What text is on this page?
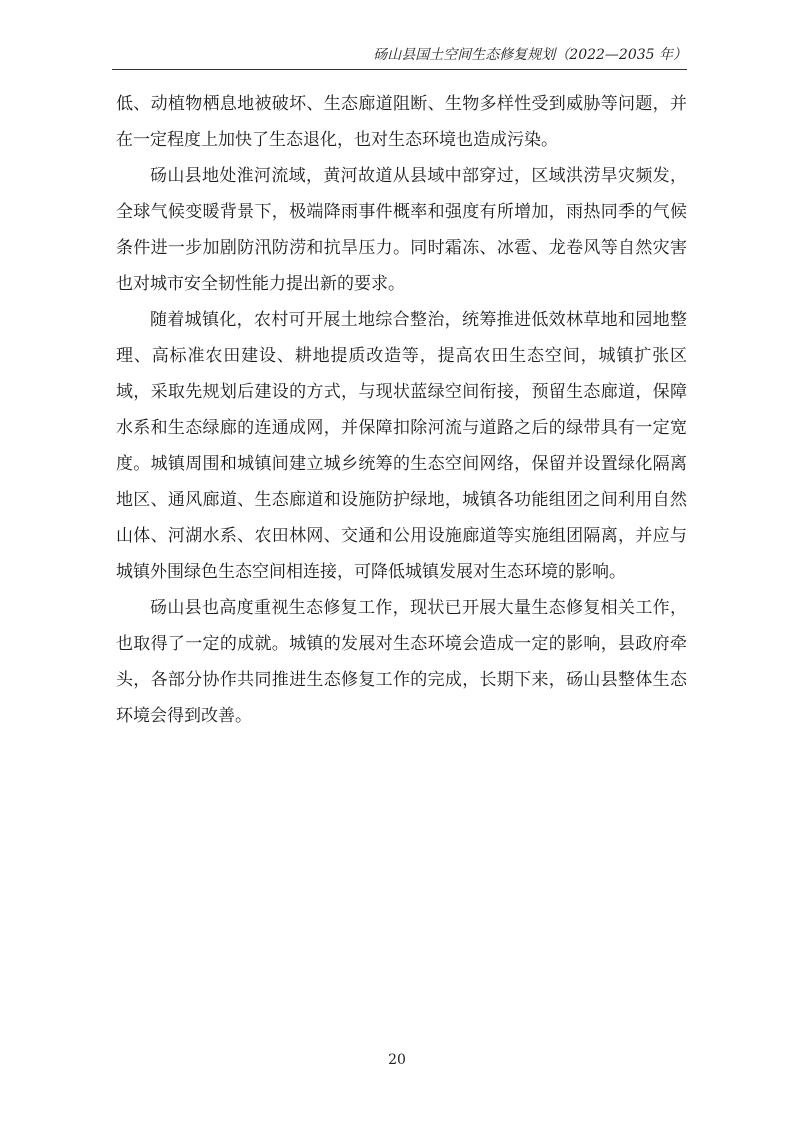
砀山县国土空间生态修复规划（2022—2035 年）

低、动植物栖息地被破坏、生态廊道阻断、生物多样性受到威胁等问题，并在一定程度上加快了生态退化，也对生态环境也造成污染。

砀山县地处淮河流域，黄河故道从县域中部穿过，区域洪涝旱灾频发，全球气候变暖背景下，极端降雨事件概率和强度有所增加，雨热同季的气候条件进一步加剧防汛防涝和抗旱压力。同时霜冻、冰雹、龙卷风等自然灾害也对城市安全韧性能力提出新的要求。

随着城镇化，农村可开展土地综合整治，统筹推进低效林草地和园地整理、高标准农田建设、耕地提质改造等，提高农田生态空间，城镇扩张区域，采取先规划后建设的方式，与现状蓝绿空间衔接，预留生态廊道，保障水系和生态绿廊的连通成网，并保障扣除河流与道路之后的绿带具有一定宽度。城镇周围和城镇间建立城乡统筹的生态空间网络，保留并设置绿化隔离地区、通风廊道、生态廊道和设施防护绿地，城镇各功能组团之间利用自然山体、河湖水系、农田林网、交通和公用设施廊道等实施组团隔离，并应与城镇外围绿色生态空间相连接，可降低城镇发展对生态环境的影响。

砀山县也高度重视生态修复工作，现状已开展大量生态修复相关工作，也取得了一定的成就。城镇的发展对生态环境会造成一定的影响，县政府牵头，各部分协作共同推进生态修复工作的完成，长期下来，砀山县整体生态环境会得到改善。

20
